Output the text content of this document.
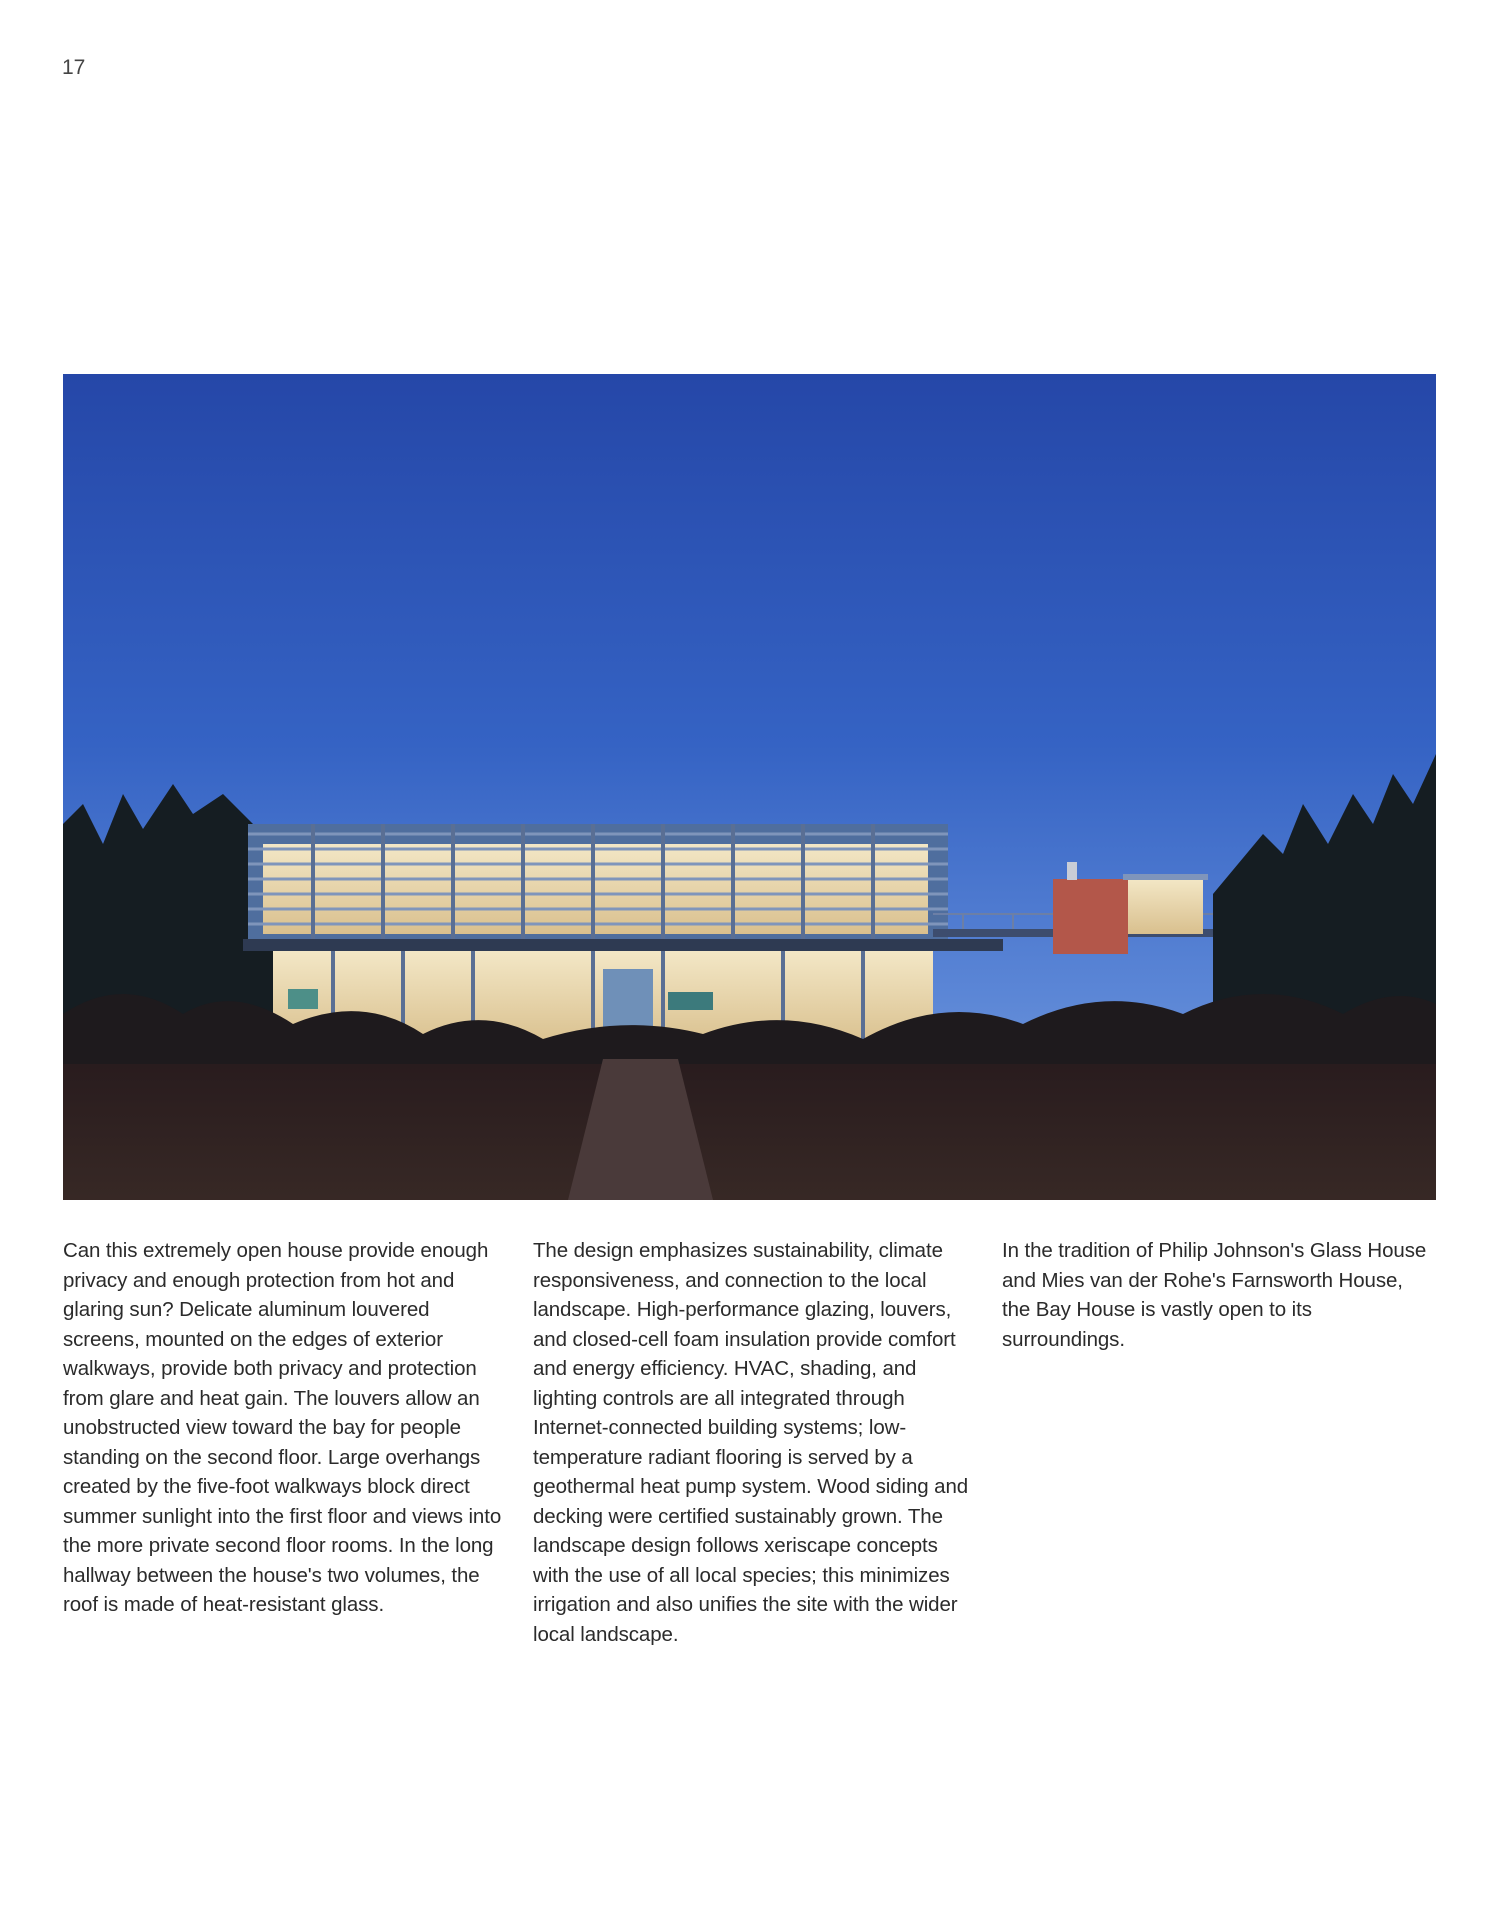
17
Can this extremely open house provide enough privacy and enough protection from hot and glaring sun? Delicate aluminum louvered screens, mounted on the edges of exterior walkways, provide both privacy and protection from glare and heat gain. The louvers allow an unobstructed view toward the bay for people standing on the second floor. Large overhangs created by the five-foot walkways block direct summer sunlight into the first floor and views into the more private second floor rooms. In the long hallway between the house's two volumes, the roof is made of heat-resistant glass.
The design emphasizes sustainability, climate responsiveness, and connection to the local landscape. High-performance glazing, louvers, and closed-cell foam insulation provide comfort and energy efficiency. HVAC, shading, and lighting controls are all integrated through Internet-connected building systems; low-temperature radiant flooring is served by a geothermal heat pump system. Wood siding and decking were certified sustainably grown. The landscape design follows xeriscape concepts with the use of all local species; this minimizes irrigation and also unifies the site with the wider local landscape.
In the tradition of Philip Johnson's Glass House and Mies van der Rohe's Farnsworth House, the Bay House is vastly open to its surroundings.
